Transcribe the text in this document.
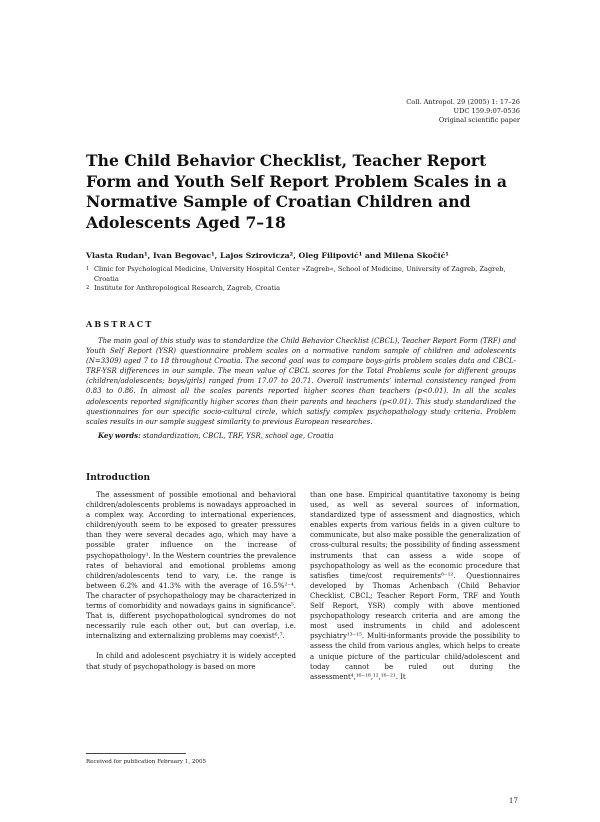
Coll. Antropol. 29 (2005) 1: 17–26
UDC 159.9:07-0536
Original scientific paper
The Child Behavior Checklist, Teacher Report Form and Youth Self Report Problem Scales in a Normative Sample of Croatian Children and Adolescents Aged 7–18
Vlasta Rudan¹, Ivan Begovac¹, Lajos Szirovicza², Oleg Filipović¹ and Milena Skočić¹
1 Clinic for Psychological Medicine, University Hospital Center »Zagreb«, School of Medicine, University of Zagreb, Zagreb, Croatia
2 Institute for Anthropological Research, Zagreb, Croatia
ABSTRACT
The main goal of this study was to standardize the Child Behavior Checklist (CBCL), Teacher Report Form (TRF) and Youth Self Report (YSR) questionnaire problem scales on a normative random sample of children and adolescents (N=3309) aged 7 to 18 throughout Croatia. The second goal was to compare boys-girls problem scales data and CBCL-TRF-YSR differences in our sample. The mean value of CBCL scores for the Total Problems scale for different groups (children/adolescents; boys/girls) ranged from 17.07 to 20.71. Overall instruments' internal consistency ranged from 0.83 to 0.86. In almost all the scales parents reported higher scores than teachers (p<0.01). In all the scales adolescents reported significantly higher scores than their parents and teachers (p<0.01). This study standardized the questionnaires for our specific socio-cultural circle, which satisfy complex psychopathology study criteria. Problem scales results in our sample suggest similarity to previous European researches.
Key words: standardization, CBCL, TRF, YSR, school age, Croatia
Introduction

The assessment of possible emotional and behavioral children/adolescents problems is nowadays approached in a complex way. According to international experiences, children/youth seem to be exposed to greater pressures than they were several decades ago, which may have a possible grater influence on the increase of psychopathology¹. In the Western countries the prevalence rates of behavioral and emotional problems among children/adolescents tend to vary, i.e. the range is between 6.2% and 41.3% with the average of 16.5%²⁻⁴. The character of psychopathology may be characterized in terms of comorbidity and nowadays gains in significance⁵. That is, different psychopathological syndromes do not necessarily rule each other out, but can overlap, i.e. internalizing and externalizing problems may coexist⁶,⁷.

In child and adolescent psychiatry it is widely accepted that study of psychopathology is based on more

than one base. Empirical quantitative taxonomy is being used, as well as several sources of information, standardized type of assessment and diagnostics, which enables experts from various fields in a given culture to communicate, but also make possible the generalization of cross-cultural results; the possibility of finding assessment instruments that can assess a wide scope of psychopathology as well as the economic procedure that satisfies time/cost requirements⁸⁻¹². Questionnaires developed by Thomas Achenbach (Child Behavior Checklist, CBCL; Teacher Report Form, TRF and Youth Self Report, YSR) comply with above mentioned psychopathology research criteria and are among the most used instruments in child and adolescent psychiatry¹³⁻¹⁵. Multi-informants provide the possibility to assess the child from various angles, which helps to create a unique picture of the particular child/adolescent and today cannot be ruled out during the assessment⁴,¹⁶⁻¹⁸,¹²,¹⁶⁻²¹. It

Received for publication February 1, 2005
17
